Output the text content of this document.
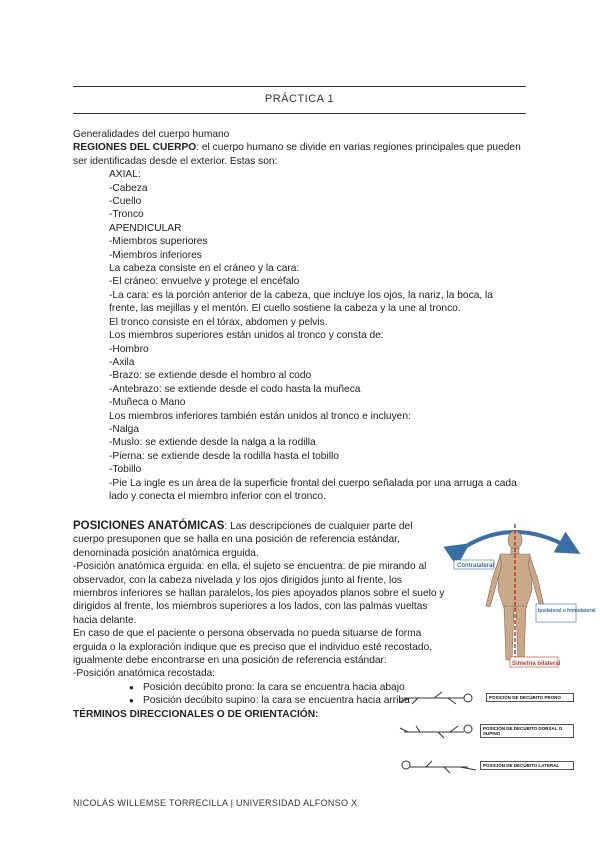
PRÁCTICA 1

Generalidades del cuerpo humano

REGIONES DEL CUERPO: el cuerpo humano se divide en varias regiones principales que pueden ser identificadas desde el exterior. Estas son:

AXIAL:

-Cabeza

-Cuello

-Tronco

APENDICULAR

-Miembros superiores

-Miembros inferiores

La cabeza consiste en el cráneo y la cara:

-El cráneo: envuelve y protege el encéfalo

-La cara: es la porción anterior de la cabeza, que incluye los ojos, la nariz, la boca, la frente, las mejillas y el mentón. El cuello sostiene la cabeza y la une al tronco.

El tronco consiste en el tórax, abdomen y pelvis.

Los miembros superiores están unidos al tronco y consta de:

-Hombro

-Axila

-Brazo: se extiende desde el hombro al codo

-Antebrazo: se extiende desde el codo hasta la muñeca

-Muñeca o Mano

Los miembros inferiores también están unidos al tronco e incluyen:

-Nalga

-Muslo: se extiende desde la nalga a la rodilla

-Pierna: se extiende desde la rodilla hasta el tobillo

-Tobillo

-Pie La ingle es un área de la superficie frontal del cuerpo señalada por una arruga a cada lado y conecta el miembro inferior con el tronco.

POSICIONES ANATÓMICAS: Las descripciones de cualquier parte del cuerpo presuponen que se halla en una posición de referencia estándar, denominada posición anatómica erguida.

-Posición anatómica erguida: en ella, el sujeto se encuentra: de pie mirando al observador, con la cabeza nivelada y los ojos dirigidos junto al frente, los miembros inferiores se hallan paralelos, los pies apoyados planos sobre el suelo y dirigidos al frente, los miembros superiores a los lados, con las palmas vueltas hacia delante.

En caso de que el paciente o persona observada no pueda situarse de forma erguida o la exploración indique que es preciso que el individuo esté recostado, igualmente debe encontrarse en una posición de referencia estándar:

-Posición anatómica recostada:

● Posición decúbito prono: la cara se encuentra hacia abajo
● Posición decúbito supino: la cara se encuentra hacia arriba

TÉRMINOS DIRECCIONALES O DE ORIENTACIÓN:

Contralateral
Ipsilateral o homolateral
Simetría bilateral
POSICIÓN DE DECÚBITO PRONO
POSICIÓN DE DECÚBITO DORSAL O SUPINO
POSICIÓN DE DECÚBITO LATERAL
NICOLÁS WILLEMSE TORRECILLA | UNIVERSIDAD ALFONSO X
